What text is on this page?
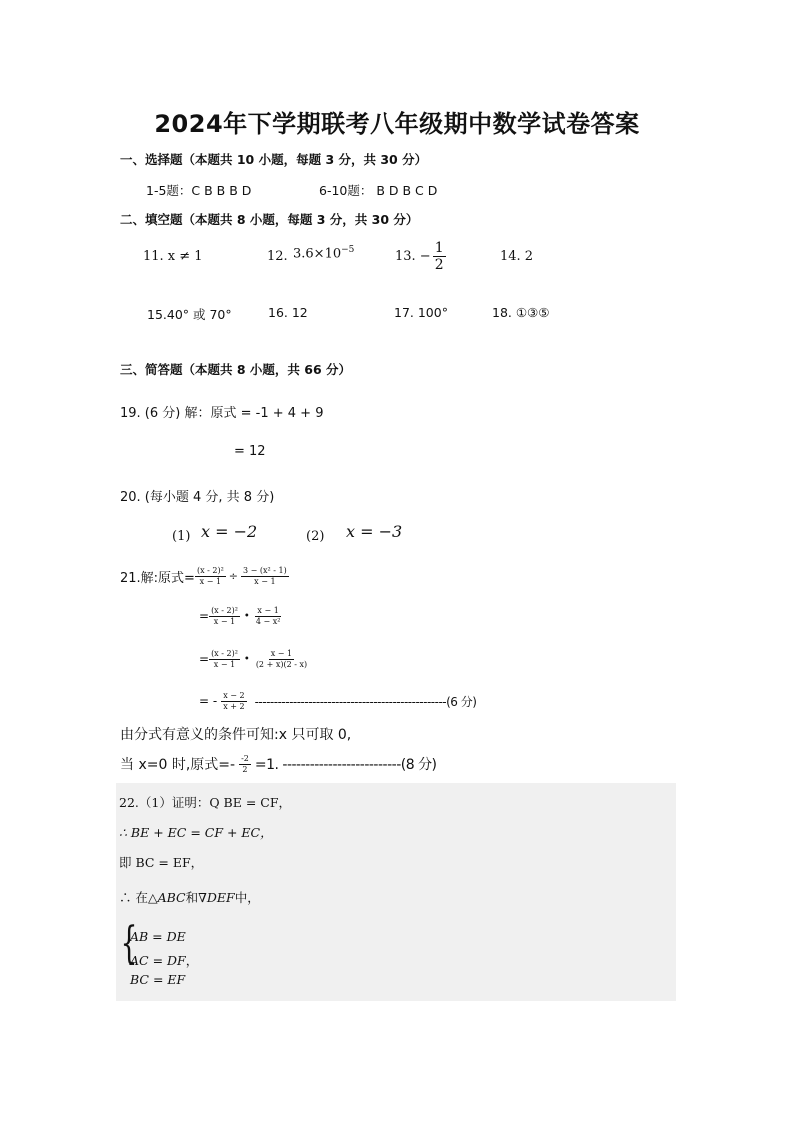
2024年下学期联考八年级期中数学试卷答案
一、选择题（本题共 10 小题，每题 3 分，共 30 分）
1-5题：C B B B D	6-10题： B D B C D
二、填空题（本题共 8 小题，每题 3 分，共 30 分）
11. x ≠ 1	12. $3.6\times 10^{-5}$	13. − $\frac{1}{2}$	14. 2
15.40° 或 70°	16. 12	17. 100°	18. ①③⑤
三、简答题（本题共 8 小题，共 66 分）
19. (6 分) 解：原式 = -1 + 4 + 9
= 12
20. (每小题 4 分, 共 8 分)
(1) x = −2	(2) x = −3
21.解:原式= $\frac{\text{(x - 2)²}}{x - 1} \div \frac{\text{3 − (x² - 1)}}{x - 1}$
= $\frac{\text{(x - 2)²}}{x - 1}$ • $\frac{x - 1}{\text{4 − x²}}$
= $\frac{\text{(x - 2)²}}{x - 1}$ • $\frac{x - 1}{(2 + x)(2 - x)}$
= - $\frac{x - 2}{x + 2} --------------------------------------------------(6$ 分)
由分式有意义的条件可知:x 只可取 0,
当 x=0 时,原式=- $\frac{-2}{2} =1$. --------------------------(8 分)
22.（1）证明：Q BE = CF，
∴ BE + EC = CF + EC，
即 BC = EF，
∴ 在△ABC和∇DEF中，
{
AB = DE
AC = DF，
BC = EF
